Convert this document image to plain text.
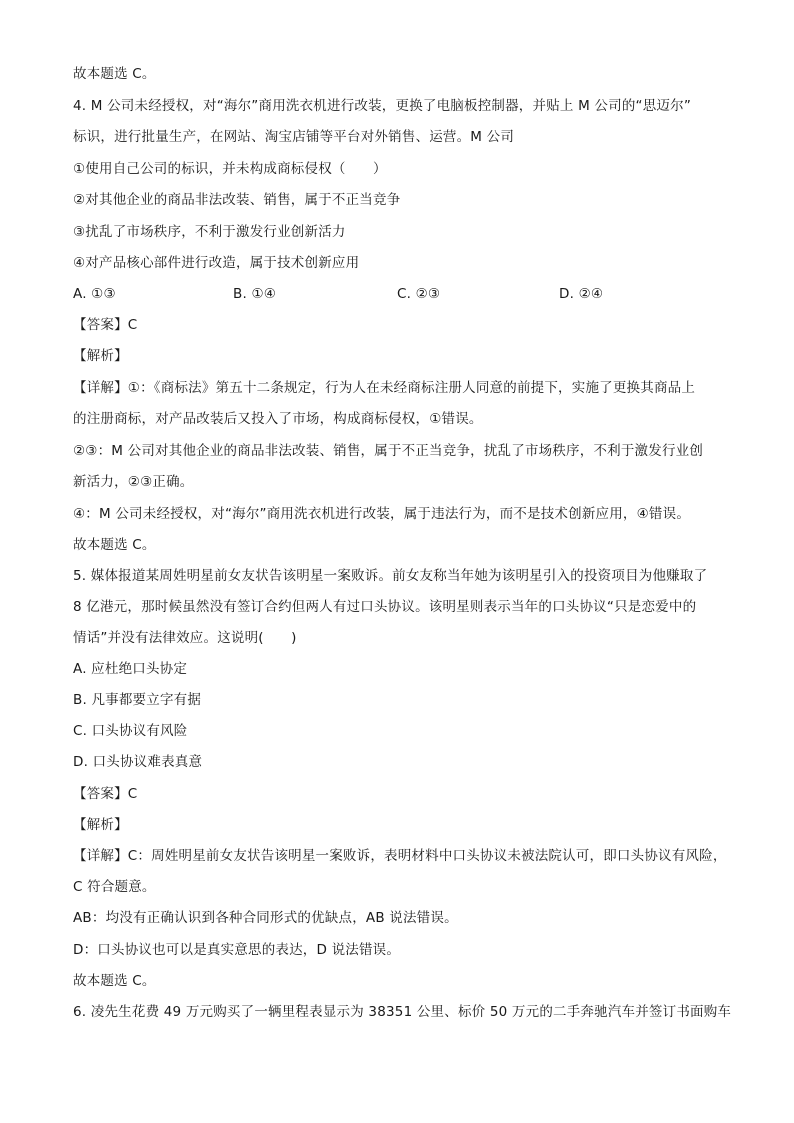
故本题选 C。
4. M 公司未经授权，对“海尔”商用洗衣机进行改装，更换了电脑板控制器，并贴上 M 公司的“思迈尔”
标识，进行批量生产，在网站、淘宝店铺等平台对外销售、运营。M 公司
①使用自己公司的标识，并未构成商标侵权（　　）
②对其他企业的商品非法改装、销售，属于不正当竞争
③扰乱了市场秩序，不利于激发行业创新活力
④对产品核心部件进行改造，属于技术创新应用
A. ①③	B. ①④	C. ②③	D. ②④
【答案】C
【解析】
【详解】①：《商标法》第五十二条规定，行为人在未经商标注册人同意的前提下，实施了更换其商品上
的注册商标，对产品改装后又投入了市场，构成商标侵权，①错误。
②③：M 公司对其他企业的商品非法改装、销售，属于不正当竞争，扰乱了市场秩序，不利于激发行业创
新活力，②③正确。
④：M 公司未经授权，对“海尔”商用洗衣机进行改装，属于违法行为，而不是技术创新应用，④错误。
故本题选 C。
5. 媒体报道某周姓明星前女友状告该明星一案败诉。前女友称当年她为该明星引入的投资项目为他赚取了
8 亿港元，那时候虽然没有签订合约但两人有过口头协议。该明星则表示当年的口头协议“只是恋爱中的
情话”并没有法律效应。这说明(　　)
A. 应杜绝口头协定
B. 凡事都要立字有据
C. 口头协议有风险
D. 口头协议难表真意
【答案】C
【解析】
【详解】C：周姓明星前女友状告该明星一案败诉，表明材料中口头协议未被法院认可，即口头协议有风险，
C 符合题意。
AB：均没有正确认识到各种合同形式的优缺点，AB 说法错误。
D：口头协议也可以是真实意思的表达，D 说法错误。
故本题选 C。
6. 凌先生花费 49 万元购买了一辆里程表显示为 38351 公里、标价 50 万元的二手奔驰汽车并签订书面购车
